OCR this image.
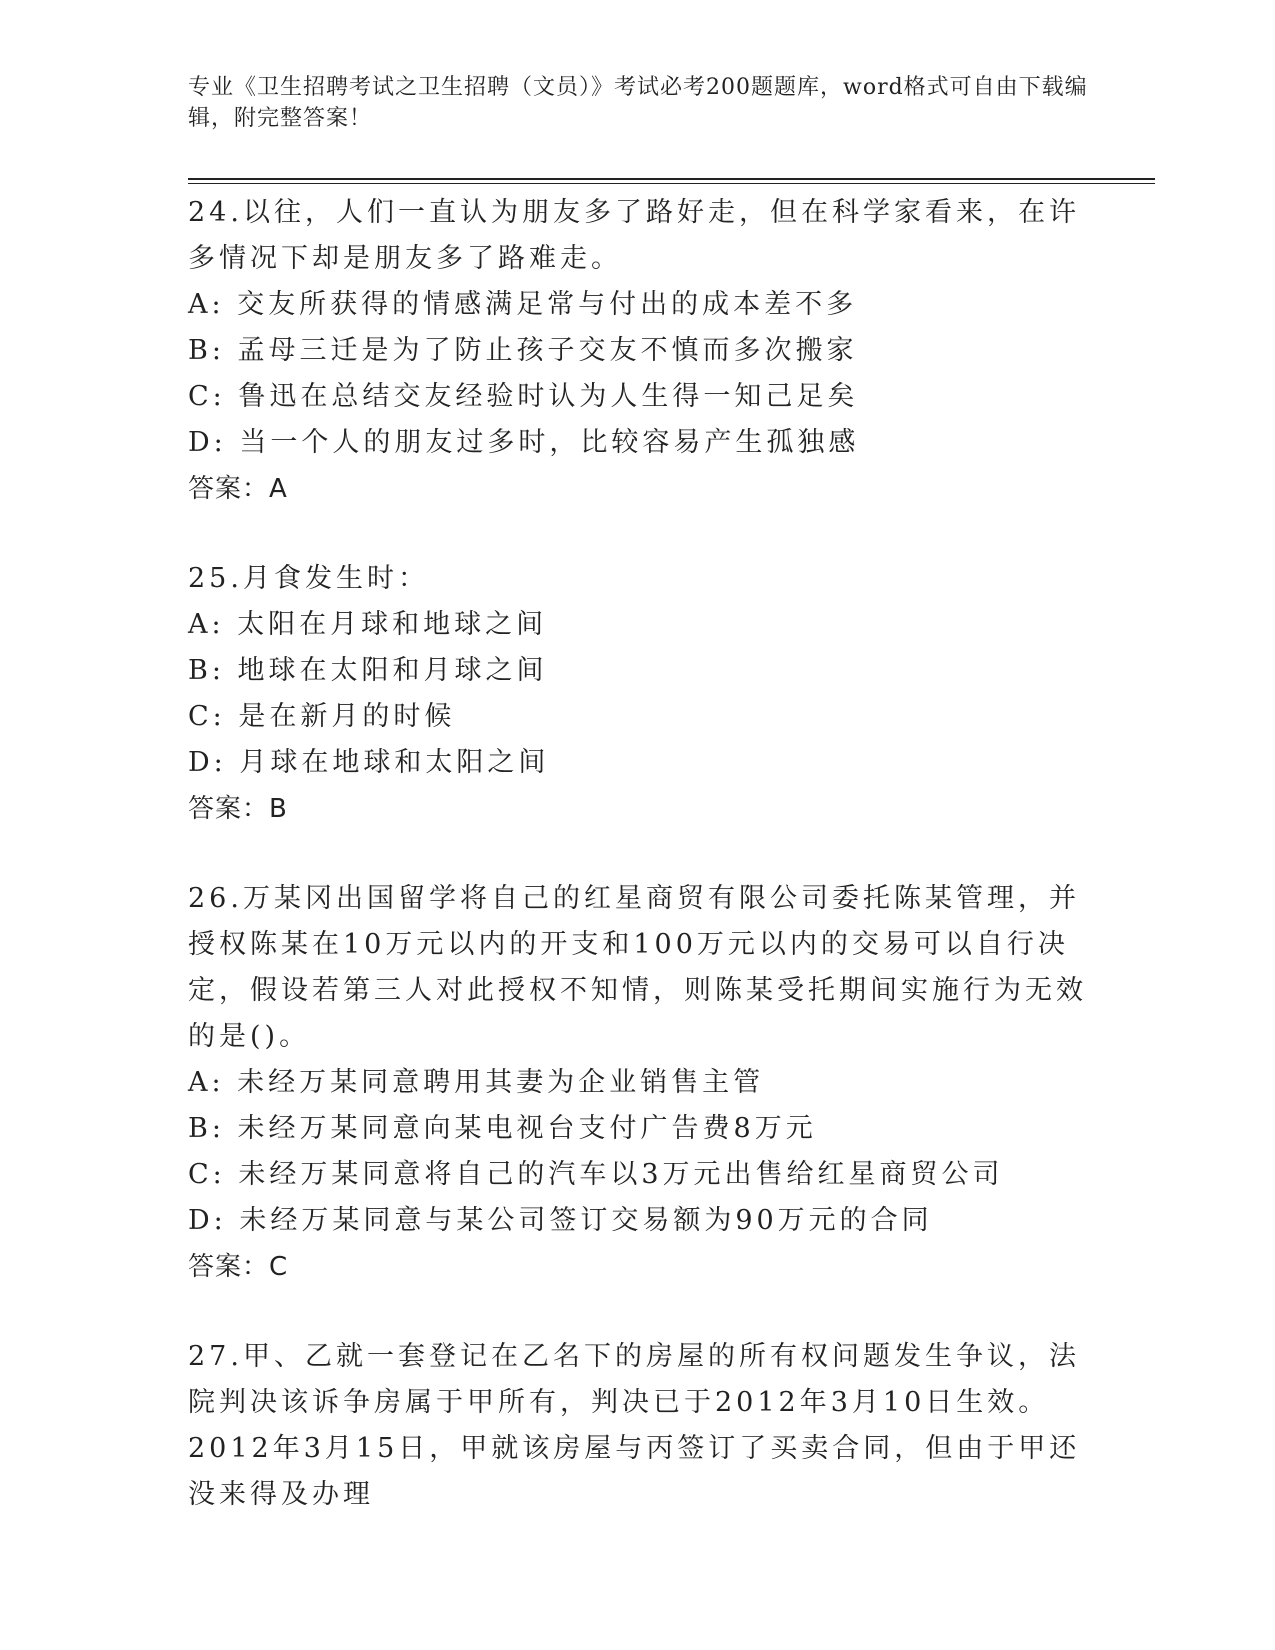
专业《卫生招聘考试之卫生招聘（文员）》考试必考200题题库，word格式可自由下载编辑，附完整答案！

24.以往，人们一直认为朋友多了路好走，但在科学家看来，在许多情况下却是朋友多了路难走。

A: 交友所获得的情感满足常与付出的成本差不多

B: 孟母三迁是为了防止孩子交友不慎而多次搬家

C: 鲁迅在总结交友经验时认为人生得一知己足矣

D: 当一个人的朋友过多时，比较容易产生孤独感

答案：A

25.月食发生时：

A: 太阳在月球和地球之间

B: 地球在太阳和月球之间

C: 是在新月的时候

D: 月球在地球和太阳之间

答案：B

26.万某冈出国留学将自己的红星商贸有限公司委托陈某管理，并授权陈某在10万元以内的开支和100万元以内的交易可以自行决定，假设若第三人对此授权不知情，则陈某受托期间实施行为无效的是()。

A: 未经万某同意聘用其妻为企业销售主管

B: 未经万某同意向某电视台支付广告费8万元

C: 未经万某同意将自己的汽车以3万元出售给红星商贸公司

D: 未经万某同意与某公司签订交易额为90万元的合同

答案：C

27.甲、乙就一套登记在乙名下的房屋的所有权问题发生争议，法院判决该诉争房属于甲所有，判决已于2012年3月10日生效。2012年3月15日，甲就该房屋与丙签订了买卖合同，但由于甲还没来得及办理
